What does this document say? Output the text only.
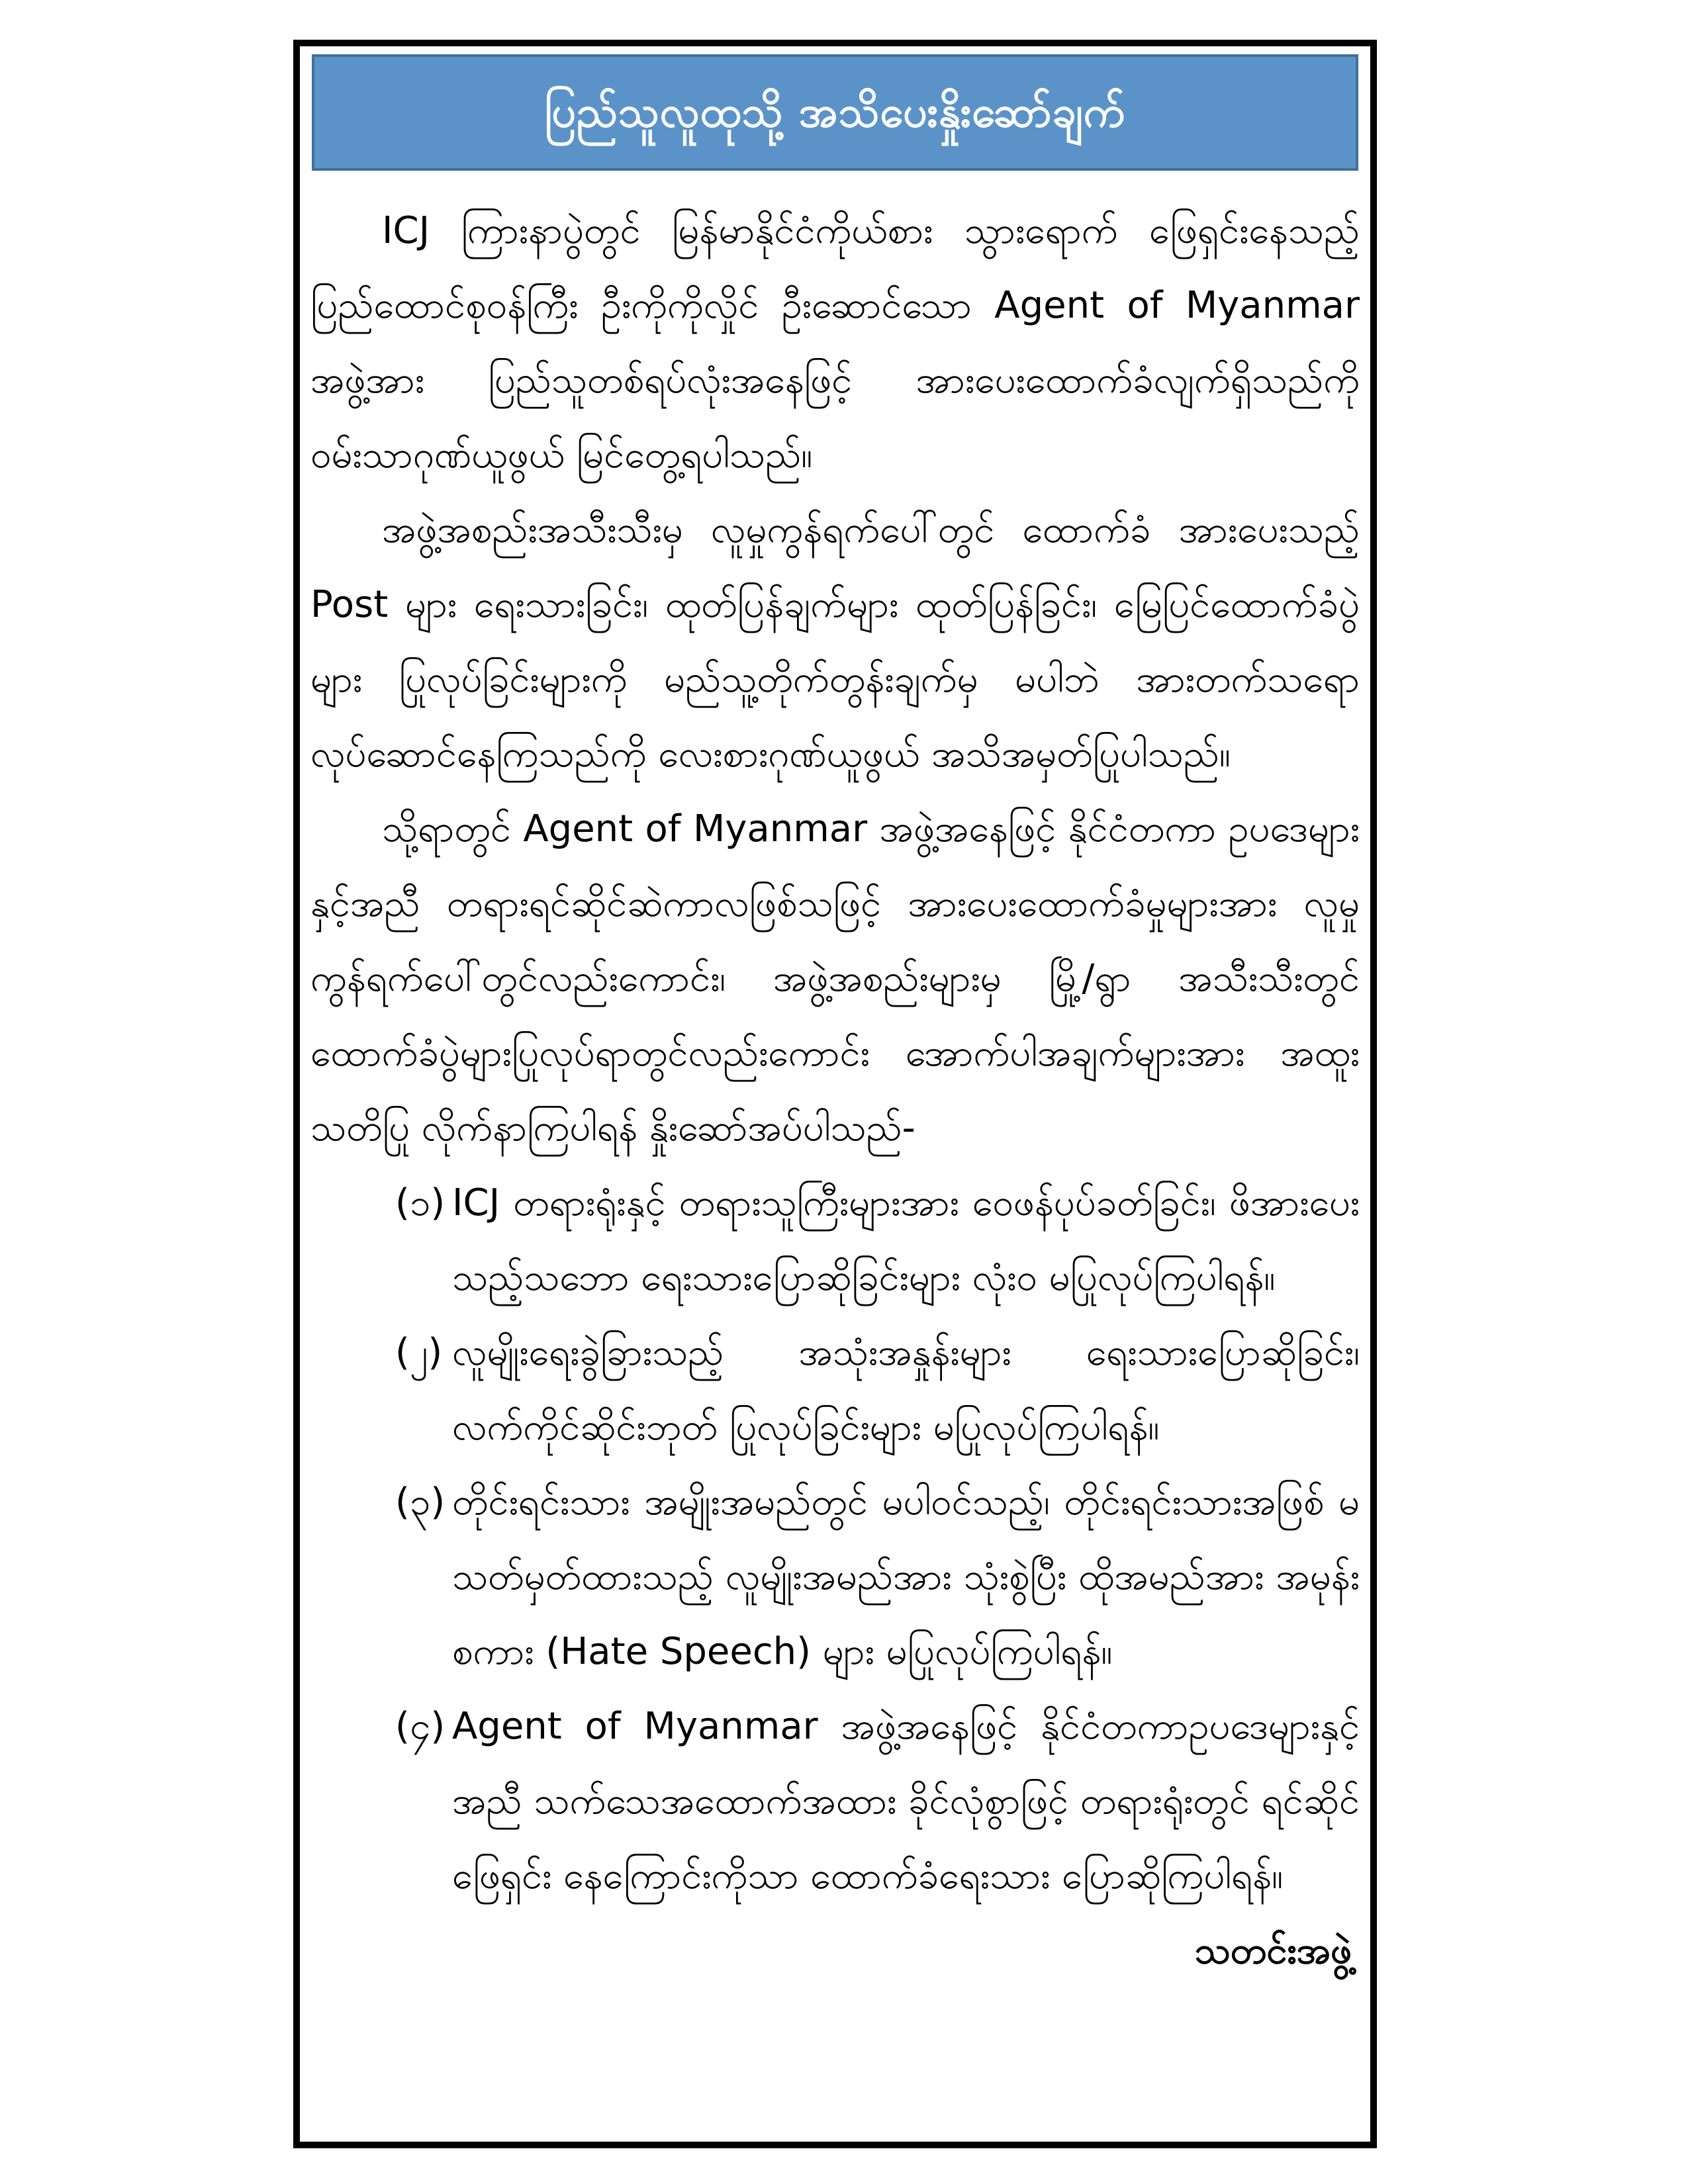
ပြည်သူလူထုသို့ အသိပေးနှိုးဆော်ချက်

ICJ ကြားနာပွဲတွင် မြန်မာနိုင်ငံကိုယ်စား သွားရောက် ဖြေရှင်းနေသည့် ပြည်ထောင်စုဝန်ကြီး ဦးကိုကိုလှိုင် ဦးဆောင်သော Agent of Myanmar အဖွဲ့အား ပြည်သူတစ်ရပ်လုံးအနေဖြင့် အားပေးထောက်ခံလျက်ရှိသည်ကို ဝမ်းသာဂုဏ်ယူဖွယ် မြင်တွေ့ရပါသည်။

အဖွဲ့အစည်းအသီးသီးမှ လူမှုကွန်ရက်ပေါ်တွင် ထောက်ခံ အားပေးသည့် Post များ ရေးသားခြင်း၊ ထုတ်ပြန်ချက်များ ထုတ်ပြန်ခြင်း၊ မြေပြင်ထောက်ခံပွဲများ ပြုလုပ်ခြင်းများကို မည်သူ့တိုက်တွန်းချက်မှ မပါဘဲ အားတက်သရော လုပ်ဆောင်နေကြသည်ကို လေးစားဂုဏ်ယူဖွယ် အသိအမှတ်ပြုပါသည်။

သို့ရာတွင် Agent of Myanmar အဖွဲ့အနေဖြင့် နိုင်ငံတကာ ဥပဒေများနှင့်အညီ တရားရင်ဆိုင်ဆဲကာလဖြစ်သဖြင့် အားပေးထောက်ခံမှုများအား လူမှုကွန်ရက်ပေါ်တွင်လည်းကောင်း၊ အဖွဲ့အစည်းများမှ မြို့/ရွာ အသီးသီးတွင် ထောက်ခံပွဲများပြုလုပ်ရာတွင်လည်းကောင်း အောက်ပါအချက်များအား အထူးသတိပြု လိုက်နာကြပါရန် နှိုးဆော်အပ်ပါသည်-

(၁) ICJ တရားရုံးနှင့် တရားသူကြီးများအား ဝေဖန်ပုပ်ခတ်ခြင်း၊ ဖိအားပေးသည့်သဘော ရေးသားပြောဆိုခြင်းများ လုံးဝ မပြုလုပ်ကြပါရန်။
(၂) လူမျိုးရေးခွဲခြားသည့် အသုံးအနှုန်းများ ရေးသားပြောဆိုခြင်း၊ လက်ကိုင်ဆိုင်းဘုတ် ပြုလုပ်ခြင်းများ မပြုလုပ်ကြပါရန်။
(၃) တိုင်းရင်းသား အမျိုးအမည်တွင် မပါဝင်သည့်၊ တိုင်းရင်းသားအဖြစ် မသတ်မှတ်ထားသည့် လူမျိုးအမည်အား သုံးစွဲပြီး ထိုအမည်အား အမုန်းစကား (Hate Speech) များ မပြုလုပ်ကြပါရန်။
(၄) Agent of Myanmar အဖွဲ့အနေဖြင့် နိုင်ငံတကာဥပဒေများနှင့်အညီ သက်သေအထောက်အထား ခိုင်လုံစွာဖြင့် တရားရုံးတွင် ရင်ဆိုင်ဖြေရှင်း နေကြောင်းကိုသာ ထောက်ခံရေးသား ပြောဆိုကြပါရန်။

သတင်းအဖွဲ့
